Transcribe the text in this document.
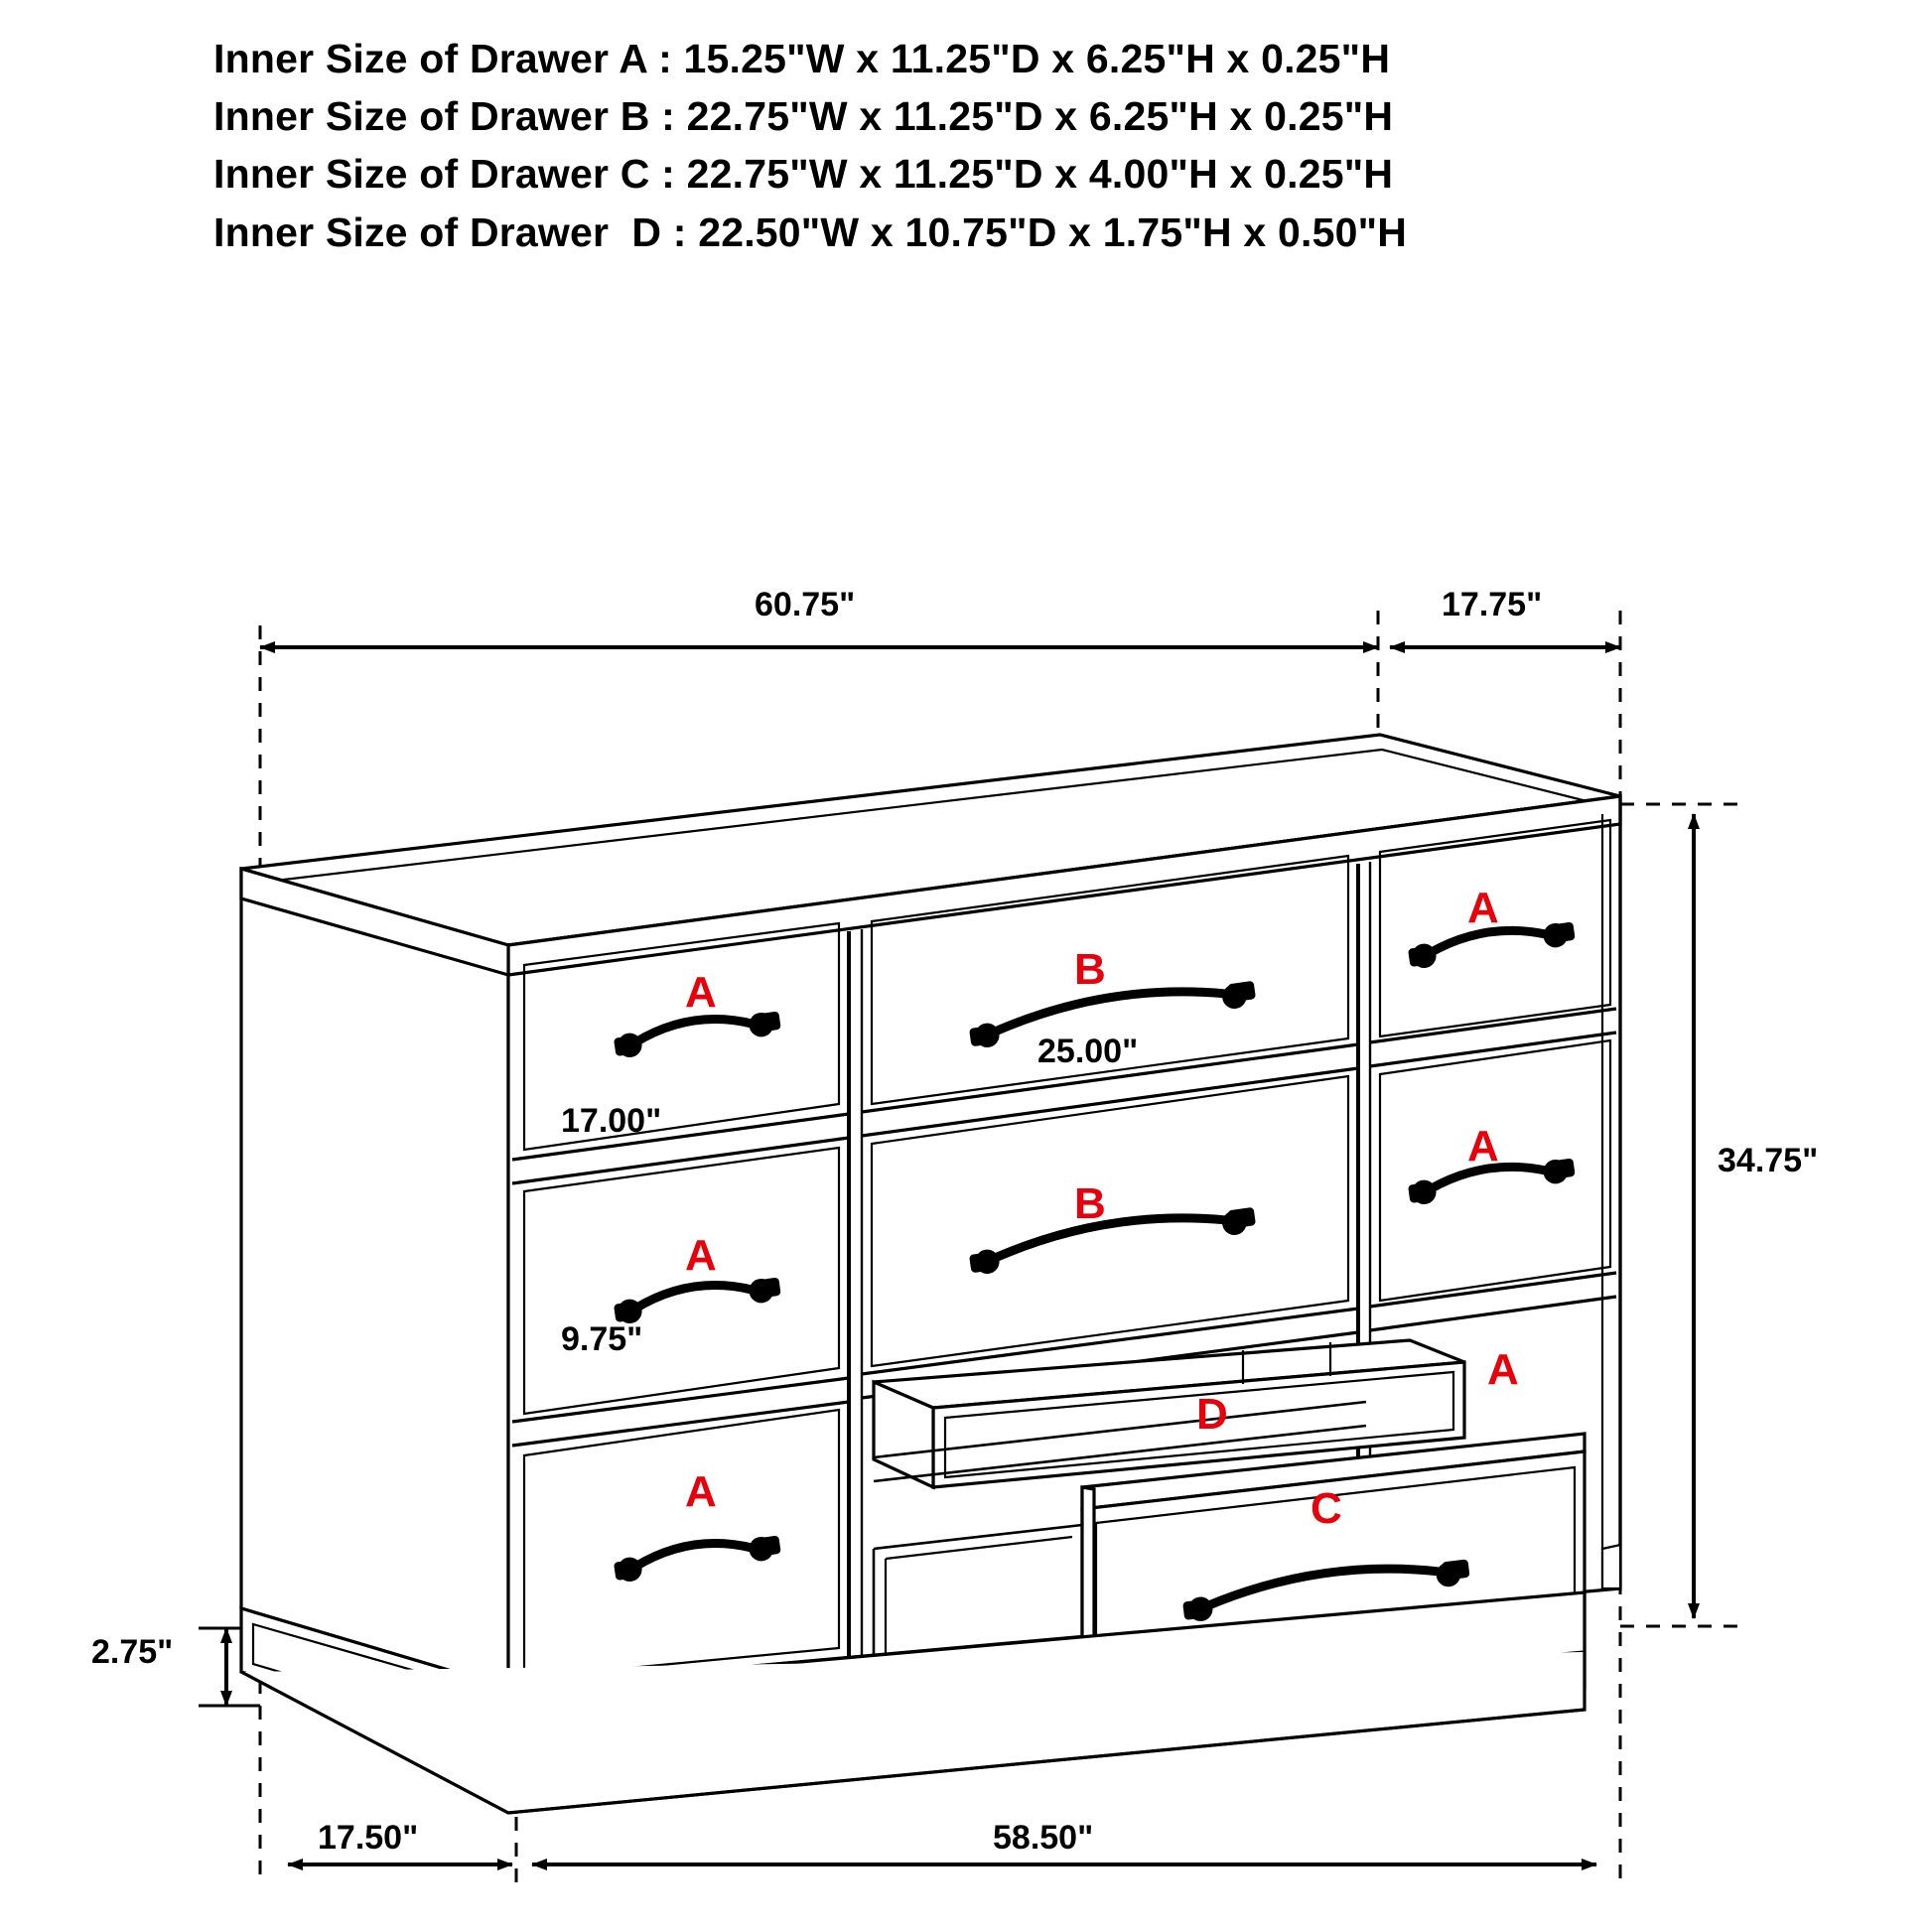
Inner Size of Drawer A : 15.25"W x 11.25"D x 6.25"H x 0.25"H
Inner Size of Drawer B : 22.75"W x 11.25"D x 6.25"H x 0.25"H
Inner Size of Drawer C : 22.75"W x 11.25"D x 4.00"H x 0.25"H
Inner Size of Drawer  D : 22.50"W x 10.75"D x 1.75"H x 0.50"H
60.75"	17.75"
34.75"
17.00"
25.00"
9.75"
2.75"
17.50"	58.50"
A
A
A
B
B
A
A
A
D
C
